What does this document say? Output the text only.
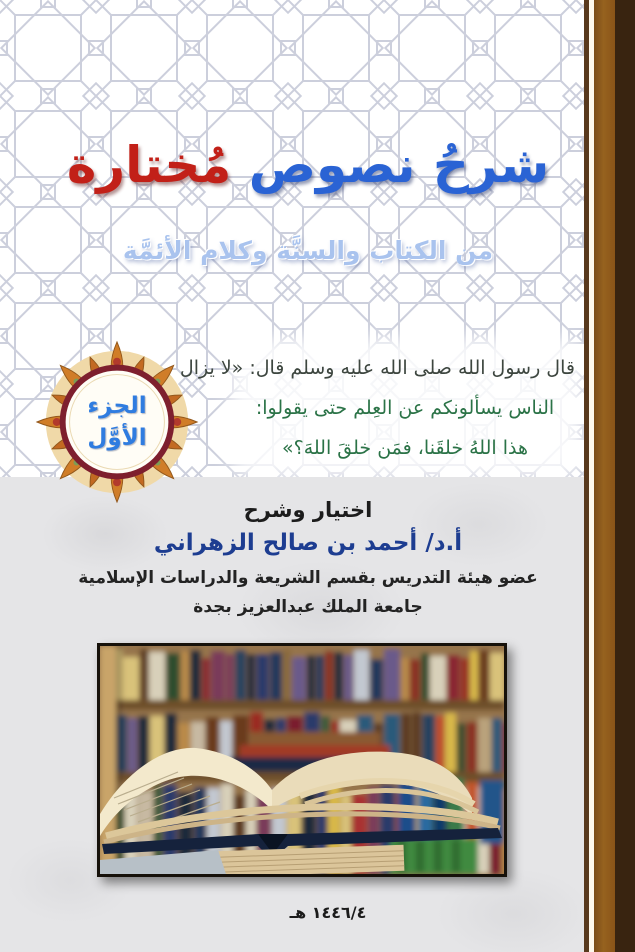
شرحُ نصوص مُختارة
من الكتاب والسنَّة وكلام الأئمَّة
الجزء
الأوَّل
قال رسول الله صلى الله عليه وسلم قال: «لا يزال
الناس يسألونكم عن العِلم حتى يقولوا:
هذا اللهُ خلقَنا، فمَن خلقَ اللهَ؟»
اختيار وشرح
أ.د/ أحمد بن صالح الزهراني
عضو هيئة التدريس بقسم الشريعة والدراسات الإسلامية
جامعة الملك عبدالعزيز بجدة
١٤٤٦/٤ هـ
